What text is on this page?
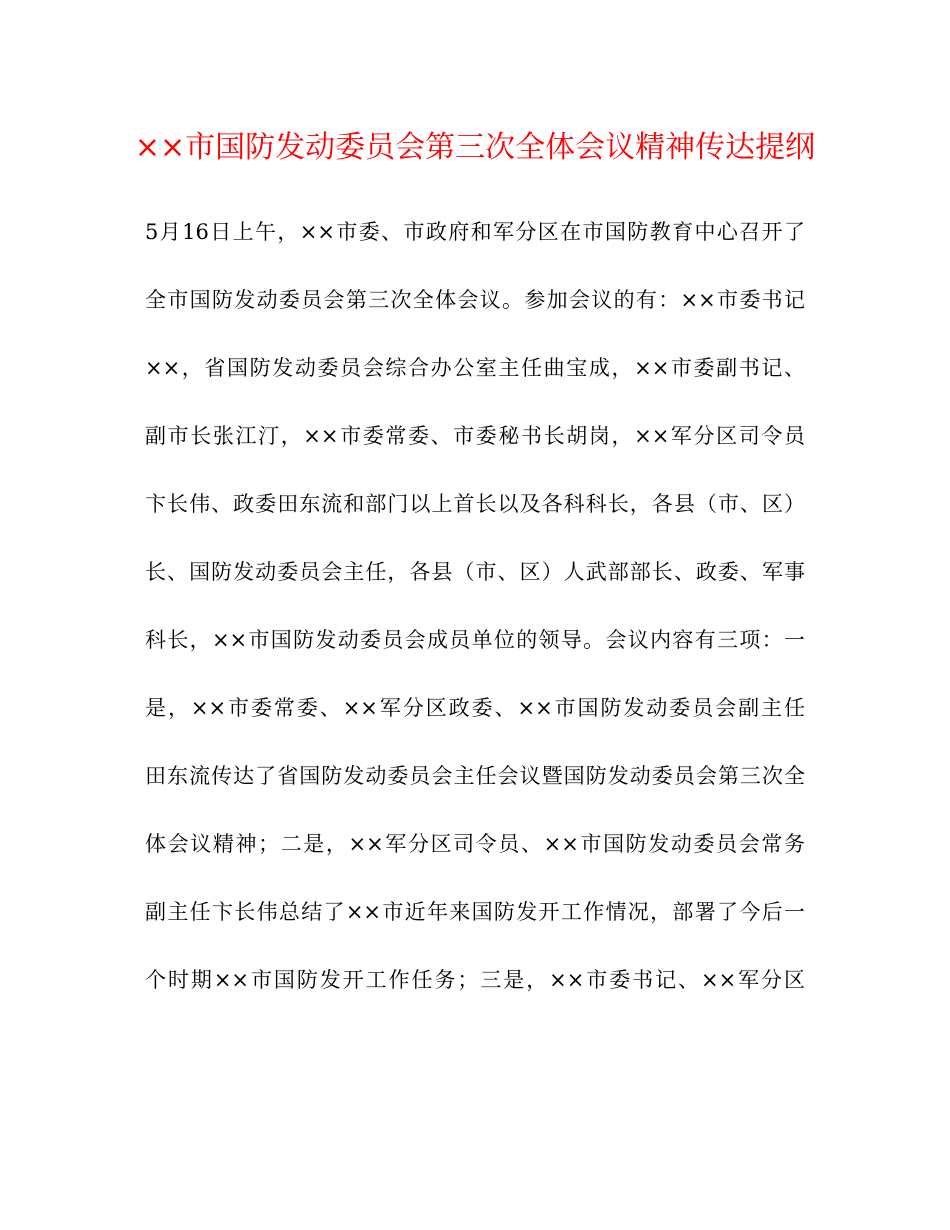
××市国防发动委员会第三次全体会议精神传达提纲
5月16日上午，××市委、市政府和军分区在市国防教育中心召开了
全市国防发动委员会第三次全体会议。参加会议的有：××市委书记
××，省国防发动委员会综合办公室主任曲宝成，××市委副书记、
副市长张江汀，××市委常委、市委秘书长胡岗，××军分区司令员
卞长伟、政委田东流和部门以上首长以及各科科长，各县（市、区）
长、国防发动委员会主任，各县（市、区）人武部部长、政委、军事
科长，××市国防发动委员会成员单位的领导。会议内容有三项：一
是，××市委常委、××军分区政委、××市国防发动委员会副主任
田东流传达了省国防发动委员会主任会议暨国防发动委员会第三次全
体会议精神；二是，××军分区司令员、××市国防发动委员会常务
副主任卞长伟总结了××市近年来国防发开工作情况，部署了今后一
个时期××市国防发开工作任务；三是，××市委书记、××军分区
